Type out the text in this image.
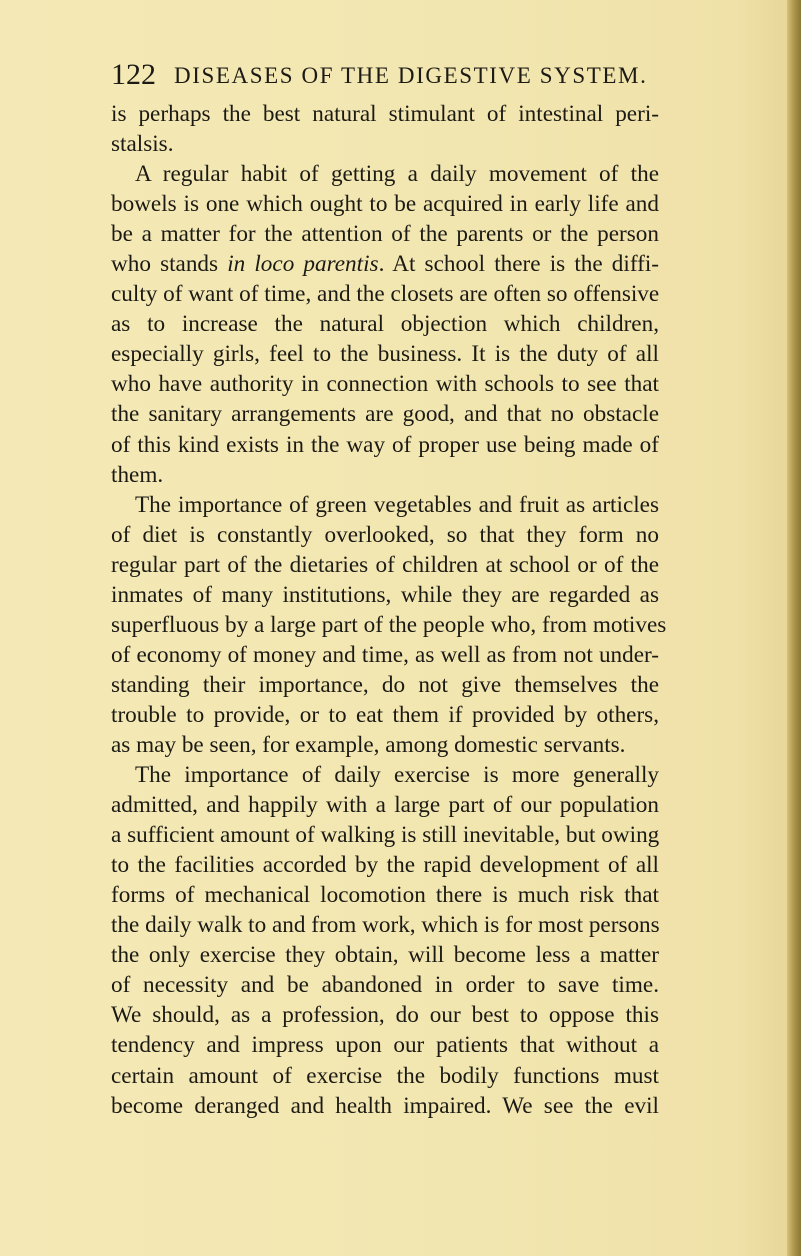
122 DISEASES OF THE DIGESTIVE SYSTEM.
is perhaps the best natural stimulant of intestinal peri-
stalsis.
A regular habit of getting a daily movement of the
bowels is one which ought to be acquired in early life and
be a matter for the attention of the parents or the person
who stands in loco parentis. At school there is the diffi-
culty of want of time, and the closets are often so offensive
as to increase the natural objection which children,
especially girls, feel to the business. It is the duty of all
who have authority in connection with schools to see that
the sanitary arrangements are good, and that no obstacle
of this kind exists in the way of proper use being made of
them.
The importance of green vegetables and fruit as articles
of diet is constantly overlooked, so that they form no
regular part of the dietaries of children at school or of the
inmates of many institutions, while they are regarded as
superfluous by a large part of the people who, from motives
of economy of money and time, as well as from not under-
standing their importance, do not give themselves the
trouble to provide, or to eat them if provided by others,
as may be seen, for example, among domestic servants.
The importance of daily exercise is more generally
admitted, and happily with a large part of our population
a sufficient amount of walking is still inevitable, but owing
to the facilities accorded by the rapid development of all
forms of mechanical locomotion there is much risk that
the daily walk to and from work, which is for most persons
the only exercise they obtain, will become less a matter
of necessity and be abandoned in order to save time.
We should, as a profession, do our best to oppose this
tendency and impress upon our patients that without a
certain amount of exercise the bodily functions must
become deranged and health impaired. We see the evil
